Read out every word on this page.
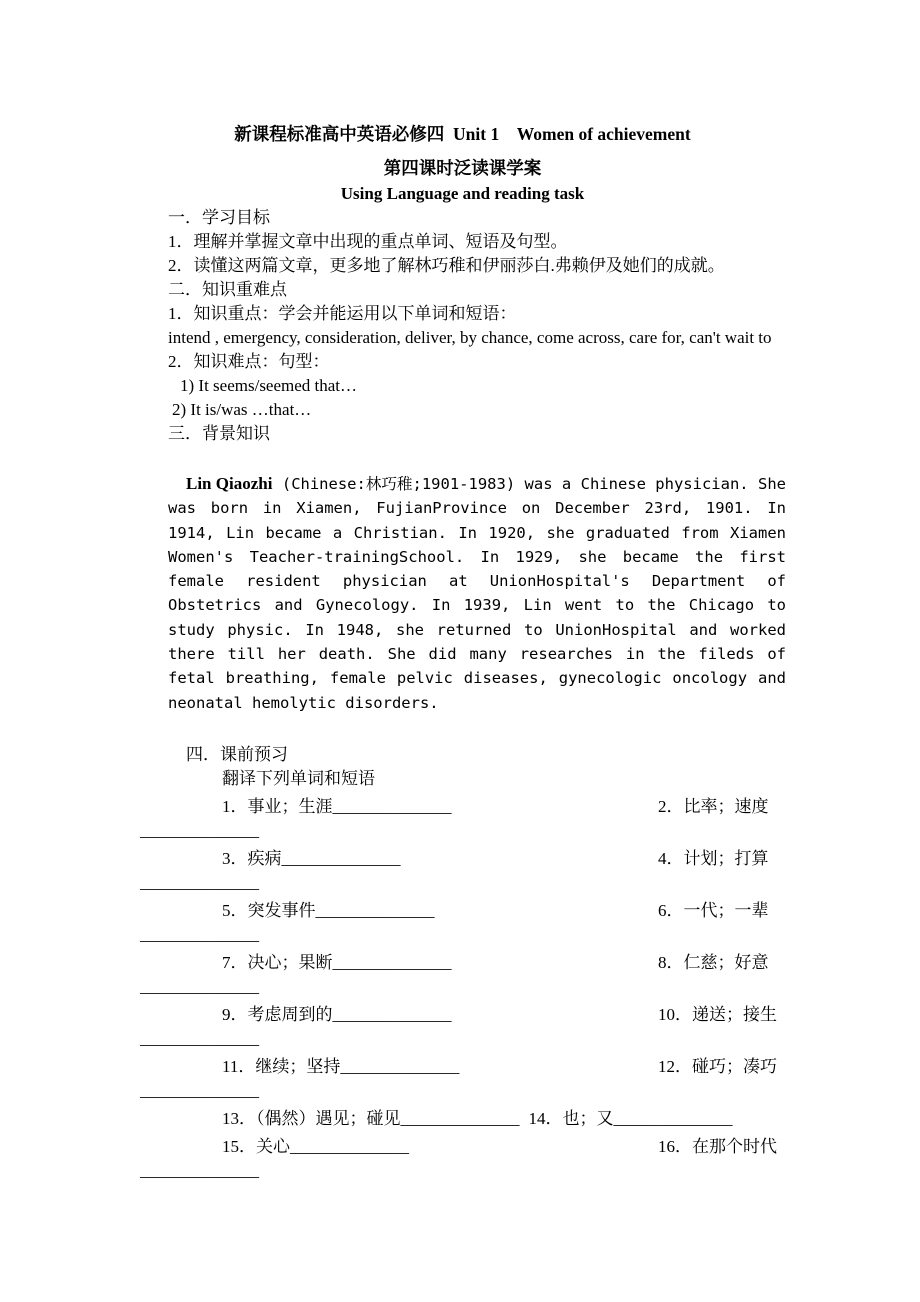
新课程标准高中英语必修四  Unit 1　Women of achievement
第四课时泛读课学案
Using Language and reading task
一．学习目标
1．理解并掌握文章中出现的重点单词、短语及句型。
2．读懂这两篇文章，更多地了解林巧稚和伊丽莎白.弗赖伊及她们的成就。
二．知识重难点
1．知识重点：学会并能运用以下单词和短语：
intend , emergency, consideration, deliver, by chance, come across, care for, can't wait to
2．知识难点：句型：
1) It seems/seemed that…
2) It is/was …that…
三．背景知识

Lin Qiaozhi (Chinese:林巧稚;1901-1983) was a Chinese physician. She was born in Xiamen, FujianProvince on December 23rd, 1901. In 1914, Lin became a Christian. In 1920, she graduated from Xiamen Women's Teacher-trainingSchool. In 1929, she became the first female resident physician at UnionHospital's Department of Obstetrics and Gynecology. In 1939, Lin went to the Chicago to study physic. In 1948, she returned to UnionHospital and worked there till her death. She did many researches in the fileds of fetal breathing, female pelvic diseases, gynecologic oncology and neonatal hemolytic disorders.

四．课前预习
翻译下列单词和短语
1．事业；生涯______________	2．比率；速度
______________
3．疾病______________	4．计划；打算
______________
5．突发事件______________	6．一代；一辈
______________
7．决心；果断______________	8．仁慈；好意
______________
9．考虑周到的______________	10．递送；接生
______________
11．继续；坚持______________	12．碰巧；凑巧
______________
13．（偶然）遇见；碰见______________ 14．也；又______________
15．关心______________	16．在那个时代
______________
